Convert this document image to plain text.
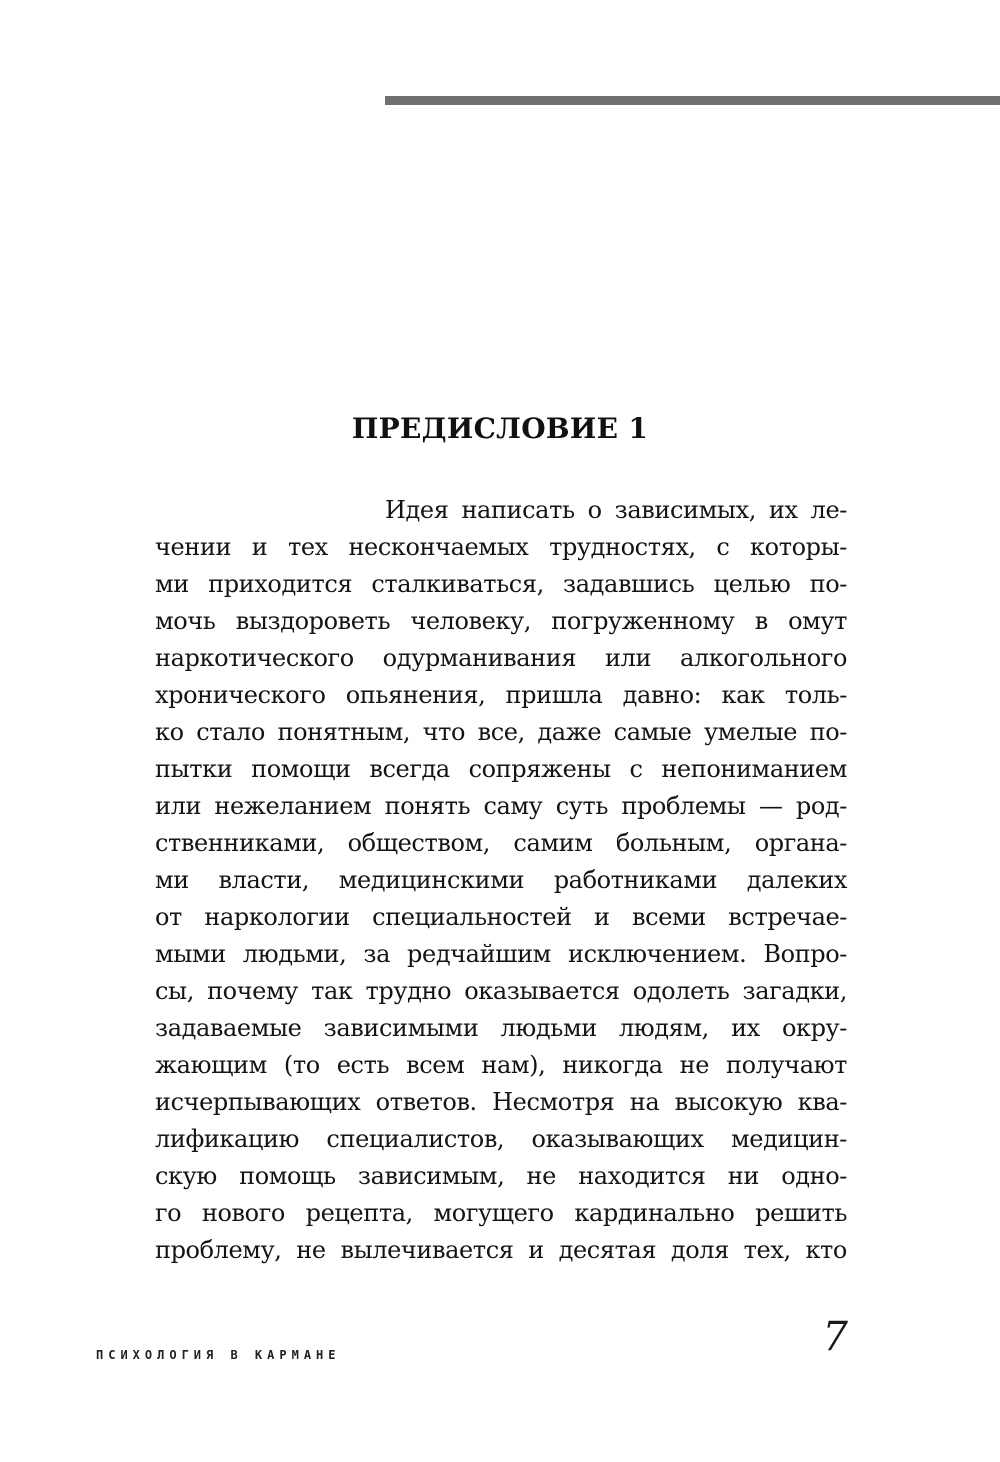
ПРЕДИСЛОВИЕ 1
Идея написать о зависимых, их ле-
чении и тех нескончаемых трудностях, с которы-
ми приходится сталкиваться, задавшись целью по-
мочь выздороветь человеку, погруженному в омут
наркотического одурманивания или алкогольного
хронического опьянения, пришла давно: как толь-
ко стало понятным, что все, даже самые умелые по-
пытки помощи всегда сопряжены с непониманием
или нежеланием понять саму суть проблемы — род-
ственниками, обществом, самим больным, органа-
ми власти, медицинскими работниками далеких
от наркологии специальностей и всеми встречае-
мыми людьми, за редчайшим исключением. Вопро-
сы, почему так трудно оказывается одолеть загадки,
задаваемые зависимыми людьми людям, их окру-
жающим (то есть всем нам), никогда не получают
исчерпывающих ответов. Несмотря на высокую ква-
лификацию специалистов, оказывающих медицин-
скую помощь зависимым, не находится ни одно-
го нового рецепта, могущего кардинально решить
проблему, не вылечивается и десятая доля тех, кто
ПСИХОЛОГИЯ В КАРМАНЕ	7
